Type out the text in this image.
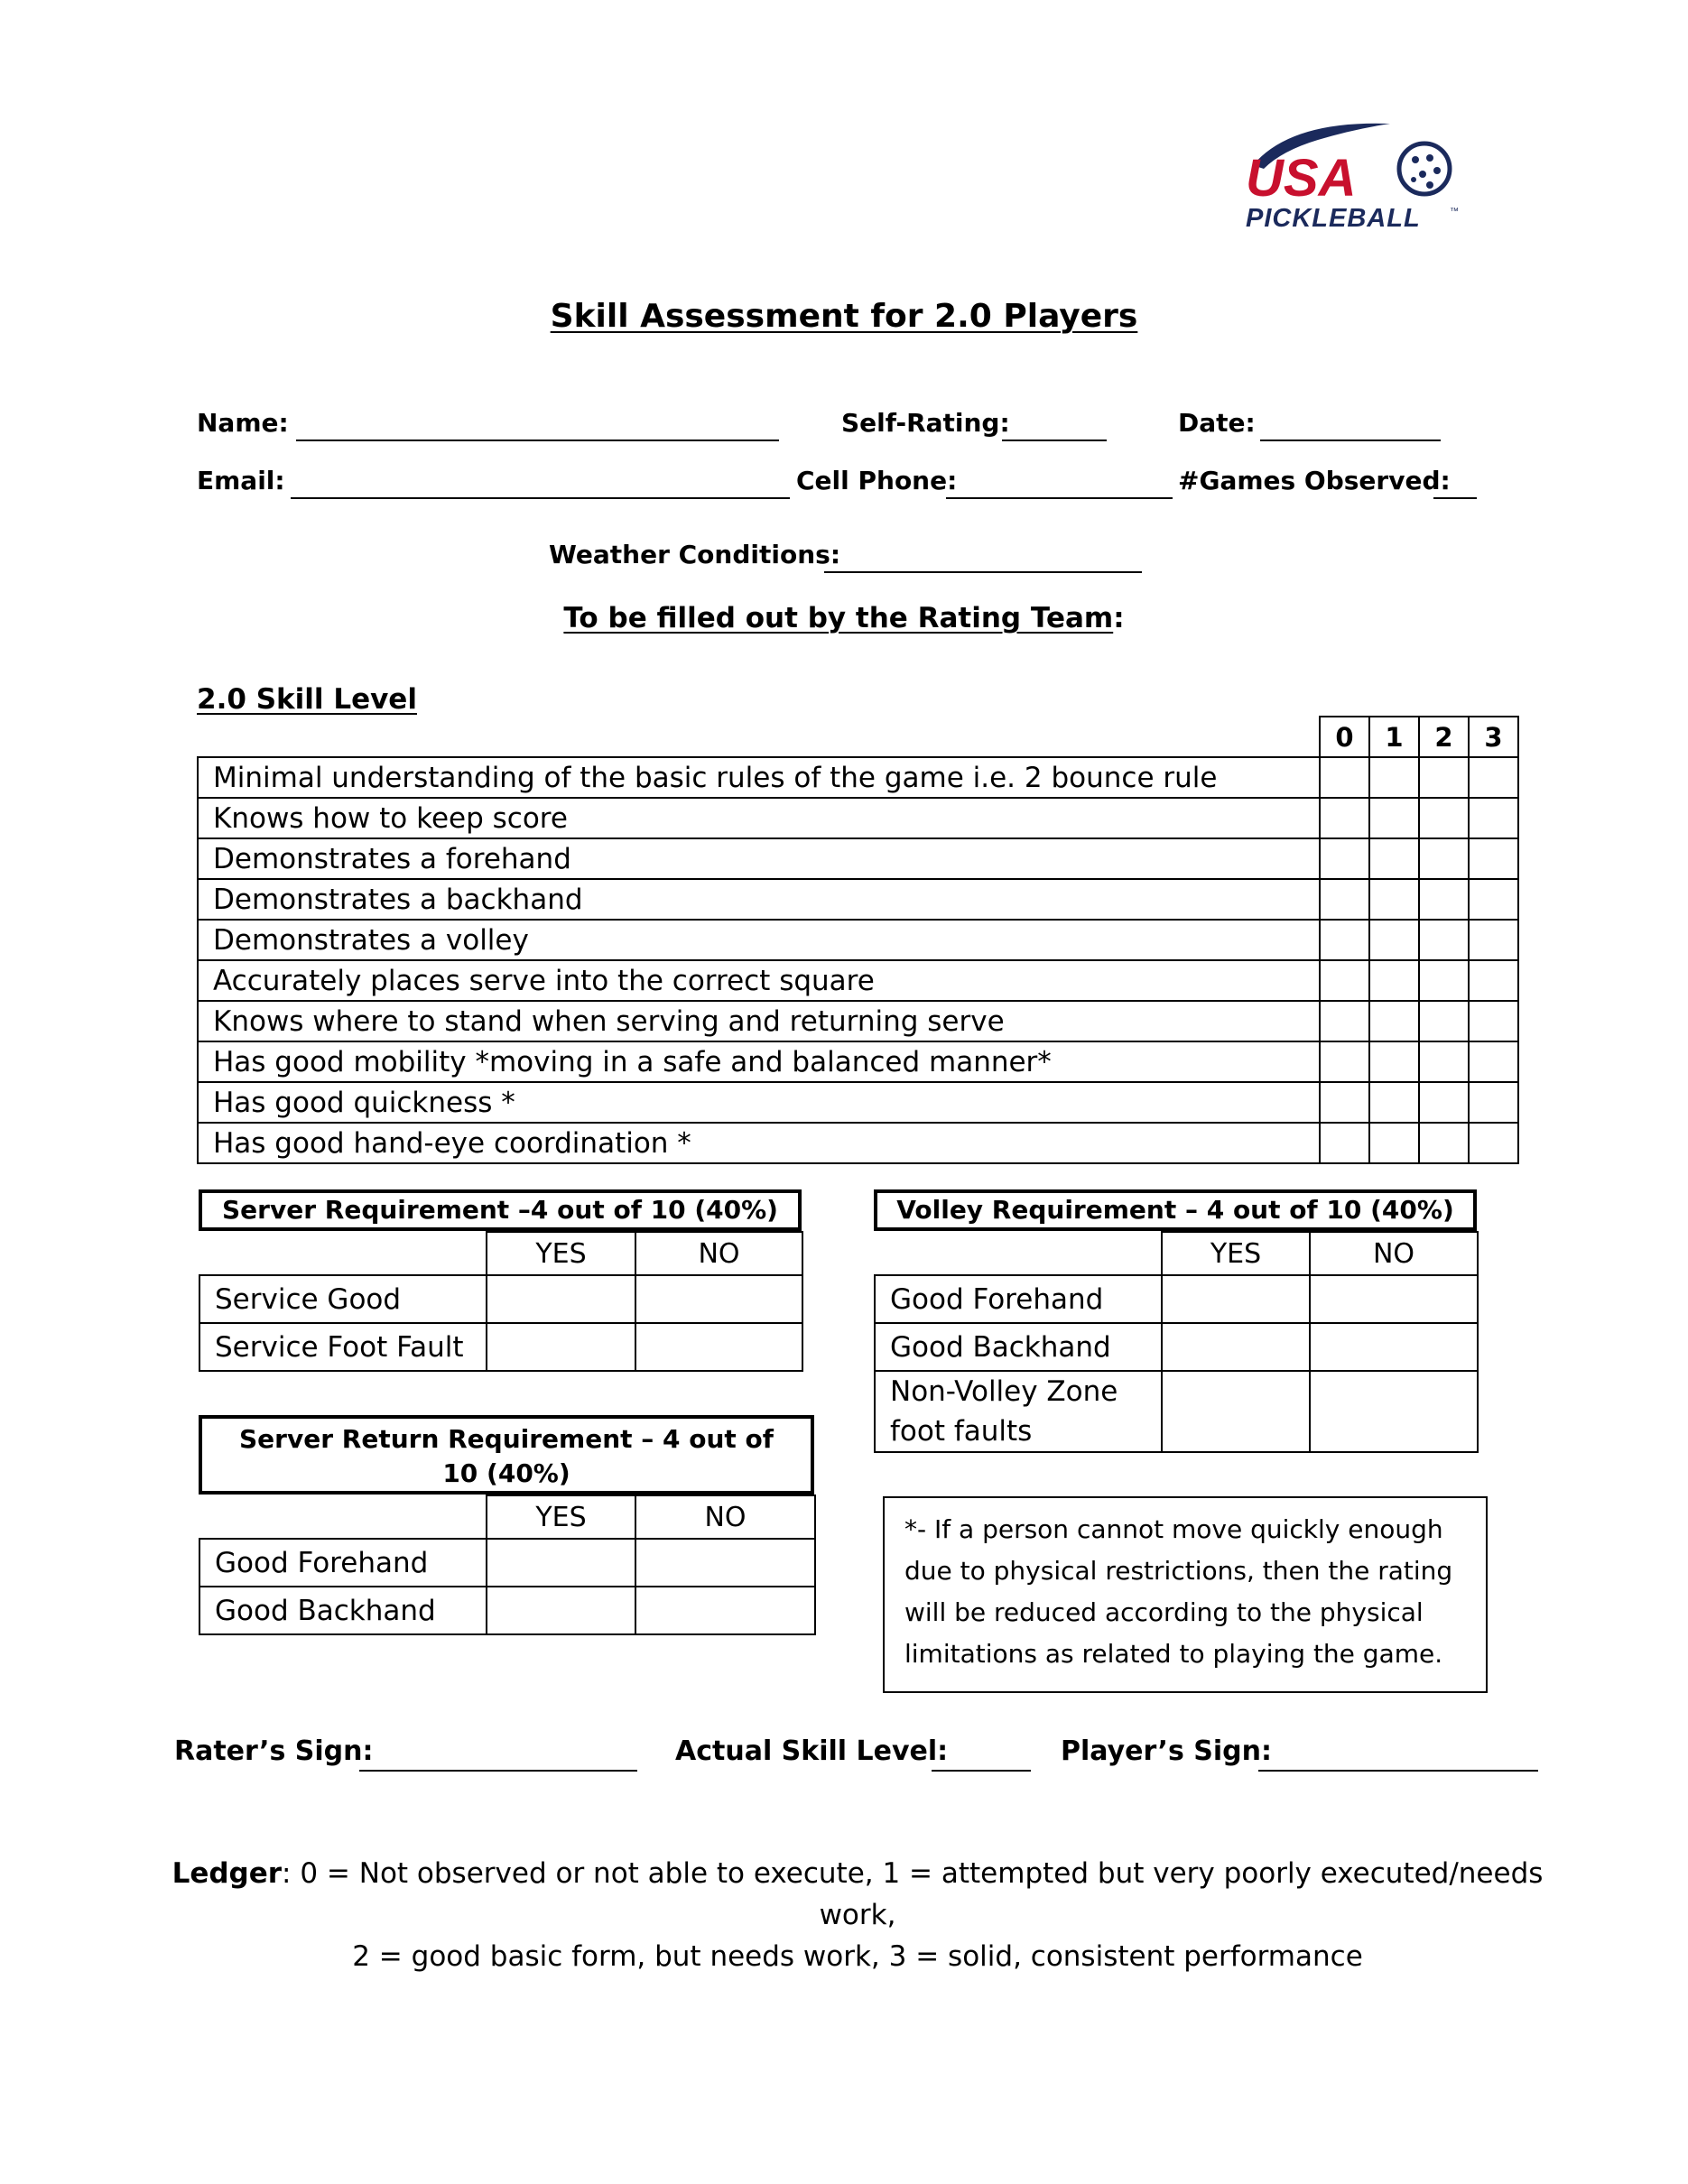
USA
PICKLEBALL	™
Skill Assessment for 2.0 Players
Name:	Self-Rating:	Date:
Email:	Cell Phone:	#Games Observed:
Weather Conditions:
To be filled out by the Rating Team:
2.0 Skill Level
	0	1	2	3
Minimal understanding of the basic rules of the game i.e. 2 bounce rule				
Knows how to keep score				
Demonstrates a forehand				
Demonstrates a backhand				
Demonstrates a volley				
Accurately places serve into the correct square				
Knows where to stand when serving and returning serve				
Has good mobility *moving in a safe and balanced manner*				
Has good quickness *				
Has good hand-eye coordination *				
Server Requirement –4 out of 10 (40%)
	YES	NO
Service Good		
Service Foot Fault		
Volley Requirement – 4 out of 10 (40%)
	YES	NO
Good Forehand		
Good Backhand		
Non-Volley Zone foot faults		
Server Return Requirement – 4 out of 10 (40%)
	YES	NO
Good Forehand		
Good Backhand		
*- If a person cannot move quickly enough due to physical restrictions, then the rating will be reduced according to the physical limitations as related to playing the game.
Rater’s Sign:	Actual Skill Level:	Player’s Sign:
Ledger: 0 = Not observed or not able to execute, 1 = attempted but very poorly executed/needs work,
2 = good basic form, but needs work, 3 = solid, consistent performance
